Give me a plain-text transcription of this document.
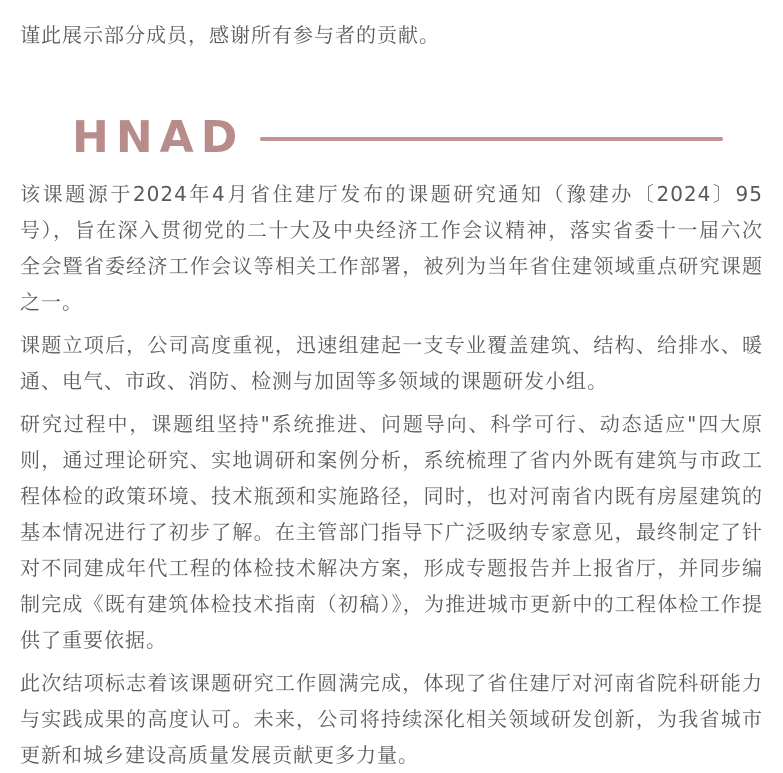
谨此展示部分成员，感谢所有参与者的贡献。

HNAD

该课题源于2024年4月省住建厅发布的课题研究通知（豫建办〔2024〕95号），旨在深入贯彻党的二十大及中央经济工作会议精神，落实省委十一届六次全会暨省委经济工作会议等相关工作部署，被列为当年省住建领域重点研究课题之一。

课题立项后，公司高度重视，迅速组建起一支专业覆盖建筑、结构、给排水、暖通、电气、市政、消防、检测与加固等多领域的课题研发小组。

研究过程中，课题组坚持"系统推进、问题导向、科学可行、动态适应"四大原则，通过理论研究、实地调研和案例分析，系统梳理了省内外既有建筑与市政工程体检的政策环境、技术瓶颈和实施路径，同时，也对河南省内既有房屋建筑的基本情况进行了初步了解。在主管部门指导下广泛吸纳专家意见，最终制定了针对不同建成年代工程的体检技术解决方案，形成专题报告并上报省厅，并同步编制完成《既有建筑体检技术指南（初稿）》，为推进城市更新中的工程体检工作提供了重要依据。

此次结项标志着该课题研究工作圆满完成，体现了省住建厅对河南省院科研能力与实践成果的高度认可。未来，公司将持续深化相关领域研发创新，为我省城市更新和城乡建设高质量发展贡献更多力量。
